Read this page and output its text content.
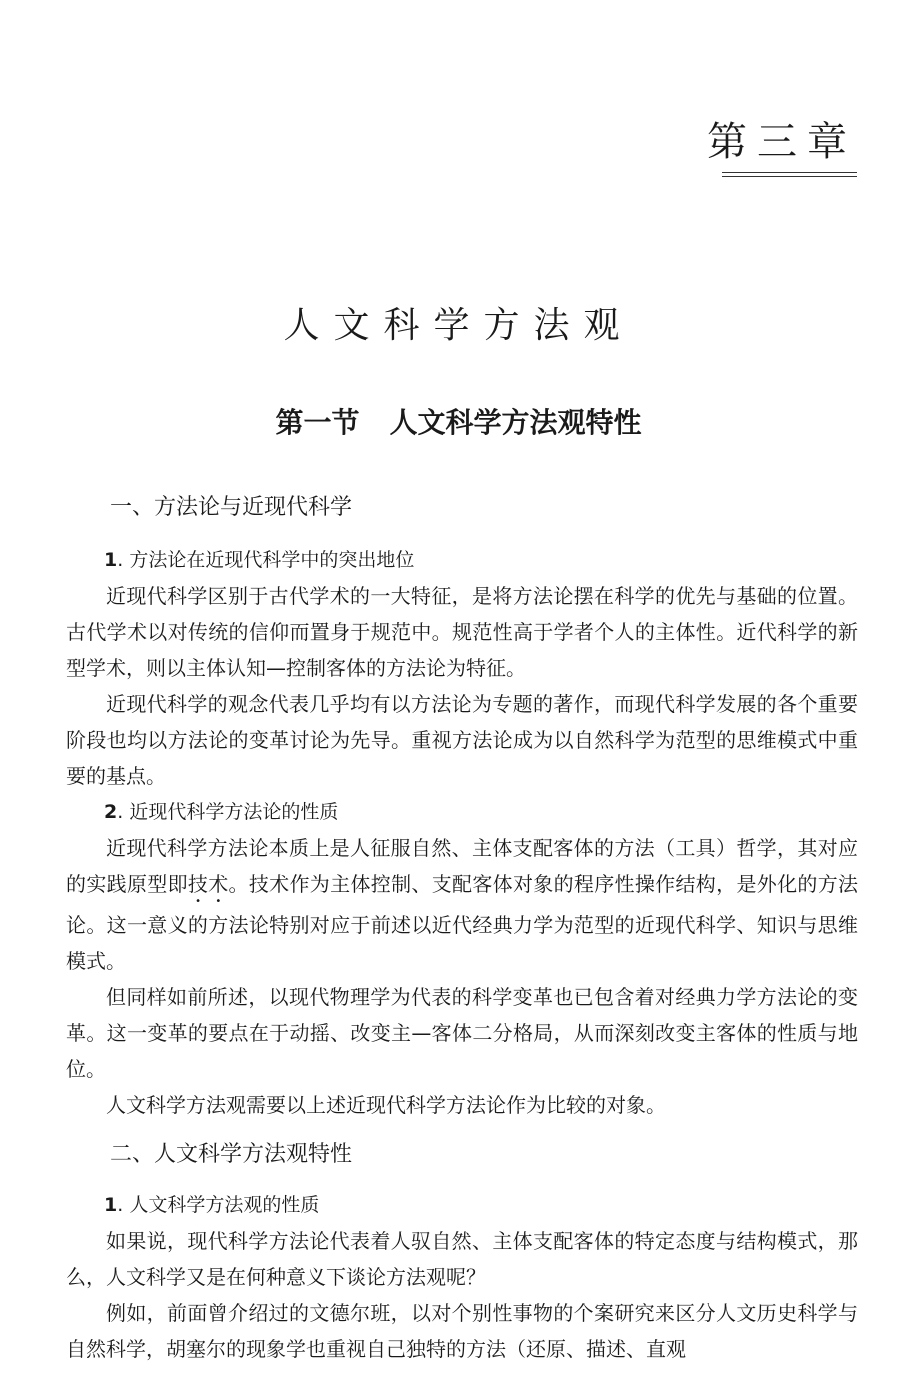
第三章
人文科学方法观
第一节 人文科学方法观特性
一、方法论与近现代科学
1. 方法论在近现代科学中的突出地位

近现代科学区别于古代学术的一大特征，是将方法论摆在科学的优先与基础的位置。古代学术以对传统的信仰而置身于规范中。规范性高于学者个人的主体性。近代科学的新型学术，则以主体认知—控制客体的方法论为特征。

近现代科学的观念代表几乎均有以方法论为专题的著作，而现代科学发展的各个重要阶段也均以方法论的变革讨论为先导。重视方法论成为以自然科学为范型的思维模式中重要的基点。

2. 近现代科学方法论的性质

近现代科学方法论本质上是人征服自然、主体支配客体的方法（工具）哲学，其对应的实践原型即技术。技术作为主体控制、支配客体对象的程序性操作结构，是外化的方法论。这一意义的方法论特别对应于前述以近代经典力学为范型的近现代科学、知识与思维模式。

但同样如前所述，以现代物理学为代表的科学变革也已包含着对经典力学方法论的变革。这一变革的要点在于动摇、改变主—客体二分格局，从而深刻改变主客体的性质与地位。

人文科学方法观需要以上述近现代科学方法论作为比较的对象。

二、人文科学方法观特性
1. 人文科学方法观的性质

如果说，现代科学方法论代表着人驭自然、主体支配客体的特定态度与结构模式，那么，人文科学又是在何种意义下谈论方法观呢？

例如，前面曾介绍过的文德尔班，以对个别性事物的个案研究来区分人文历史科学与自然科学，胡塞尔的现象学也重视自己独特的方法（还原、描述、直观
